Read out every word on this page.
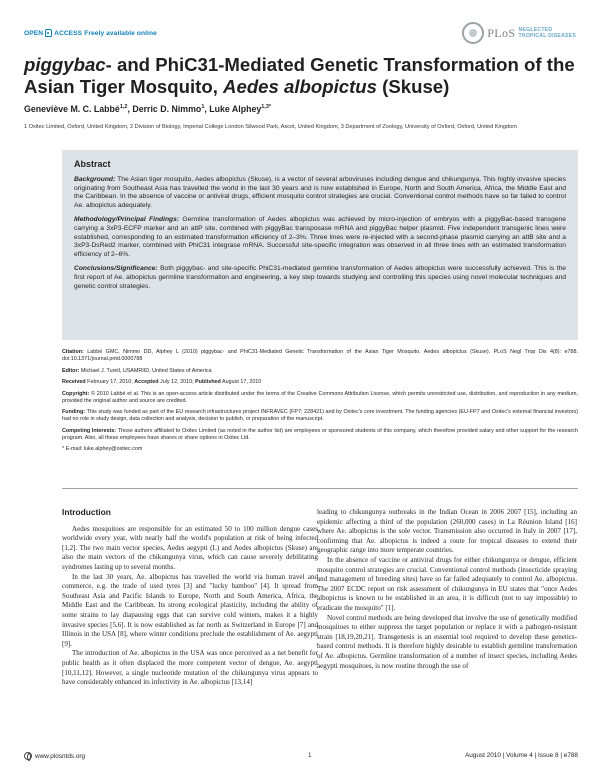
OPEN ACCESS Freely available online	PLoS NEGLECTED
TROPICAL DISEASES
piggybac- and PhiC31-Mediated Genetic Transformation of the Asian Tiger Mosquito, Aedes albopictus (Skuse)
Geneviève M. C. Labbé$^{1,2}$, Derric D. Nimmo$^1$, Luke Alphey$^{1,3*}$
1 Oxitec Limited, Oxford, United Kingdom, 2 Division of Biology, Imperial College London Silwood Park, Ascot, United Kingdom, 3 Department of Zoology, University of Oxford, Oxford, United Kingdom
Abstract

Background: The Asian tiger mosquito, Aedes albopictus (Skuse), is a vector of several arboviruses including dengue and chikungunya. This highly invasive species originating from Southeast Asia has travelled the world in the last 30 years and is now established in Europe, North and South America, Africa, the Middle East and the Caribbean. In the absence of vaccine or antiviral drugs, efficient mosquito control strategies are crucial. Conventional control methods have so far failed to control Ae. albopictus adequately.

Methodology/Principal Findings: Germline transformation of Aedes albopictus was achieved by micro-injection of embryos with a piggyBac-based transgene carrying a 3xP3-ECFP marker and an attP site, combined with piggyBac transposase mRNA and piggyBac helper plasmid. Five independent transgenic lines were established, corresponding to an estimated transformation efficiency of 2–3%. Three lines were re-injected with a second-phase plasmid carrying an attB site and a 3xP3-DsRed2 marker, combined with PhiC31 integrase mRNA. Successful site-specific integration was observed in all three lines with an estimated transformation efficiency of 2–6%.

Conclusions/Significance: Both piggybac- and site-specific PhiC31-mediated germline transformation of Aedes albopictus were successfully achieved. This is the first report of Ae. albopictus germline transformation and engineering, a key step towards studying and controlling this species using novel molecular techniques and genetic control strategies.

Citation: Labbé GMC, Nimmo DD, Alphey L (2010) piggybac- and PhiC31-Mediated Genetic Transformation of the Asian Tiger Mosquito, Aedes albopictus (Skuse). PLoS Negl Trop Dis 4(8): e788. doi:10.1371/journal.pntd.0000788

Editor: Michael J. Turell, USAMRIID, United States of America

Received February 17, 2010; Accepted July 12, 2010; Published August 17, 2010

Copyright: © 2010 Labbé et al. This is an open-access article distributed under the terms of the Creative Commons Attribution License, which permits unrestricted use, distribution, and reproduction in any medium, provided the original author and source are credited.

Funding: This study was funded as part of the EU research infrastructures project INFRAVEC (FP7; 228421) and by Oxitec's core investment. The funding agencies (EU-FP7 and Oxitec's external financial investors) had no role in study design, data collection and analysis, decision to publish, or preparation of the manuscript.

Competing Interests: Those authors affiliated to Oxitec Limited (as noted in the author list) are employees or sponsored students of this company, which therefore provided salary and other support for the research program. Also, all these employees have shares or share options in Oxitec Ltd.

* E-mail: luke.alphey@oxitec.com

Introduction

Aedes mosquitoes are responsible for an estimated 50 to 100 million dengue cases worldwide every year, with nearly half the world's population at risk of being infected [1,2]. The two main vector species, Aedes aegypti (L) and Aedes albopictus (Skuse) are also the main vectors of the chikungunya virus, which can cause severely debilitating syndromes lasting up to several months.

In the last 30 years, Ae. albopictus has travelled the world via human travel and commerce, e.g. the trade of used tyres [3] and "lucky bamboo" [4]. It spread from Southeast Asia and Pacific Islands to Europe, North and South America, Africa, the Middle East and the Caribbean. Its strong ecological plasticity, including the ability of some strains to lay diapausing eggs that can survive cold winters, makes it a highly invasive species [5,6]. It is now established as far north as Switzerland in Europe [7] and Illinois in the USA [8], where winter conditions preclude the establishment of Ae. aegypti [9].

The introduction of Ae. albopictus in the USA was once perceived as a net benefit for public health as it often displaced the more competent vector of dengue, Ae. aegypti [10,11,12]. However, a single nucleotide mutation of the chikungunya virus appears to have considerably enhanced its infectivity in Ae. albopictus [13,14]

leading to chikungunya outbreaks in the Indian Ocean in 2006 2007 [15], including an epidemic affecting a third of the population (260,000 cases) in La Réunion Island [16] where Ae. albopictus is the sole vector. Transmission also occurred in Italy in 2007 [17], confirming that Ae. albopictus is indeed a route for tropical diseases to extend their geographic range into more temperate countries.

In the absence of vaccine or antiviral drugs for either chikungunya or dengue, efficient mosquito control strategies are crucial. Conventional control methods (insecticide spraying and management of breeding sites) have so far failed adequately to control Ae. albopictus. The 2007 ECDC report on risk assessment of chikungunya in EU states that "once Aedes albopictus is known to be established in an area, it is difficult (not to say impossible) to eradicate the mosquito" [1].

Novel control methods are being developed that involve the use of genetically modified mosquitoes to either suppress the target population or replace it with a pathogen-resistant strain [18,19,20,21]. Transgenesis is an essential tool required to develop these genetics-based control methods. It is therefore highly desirable to establish germline transformation of Ae. albopictus. Germline transformation of a number of insect species, including Aedes aegypti mosquitoes, is now routine through the use of

www.plosntds.org	1	August 2010 | Volume 4 | Issue 8 | e788
